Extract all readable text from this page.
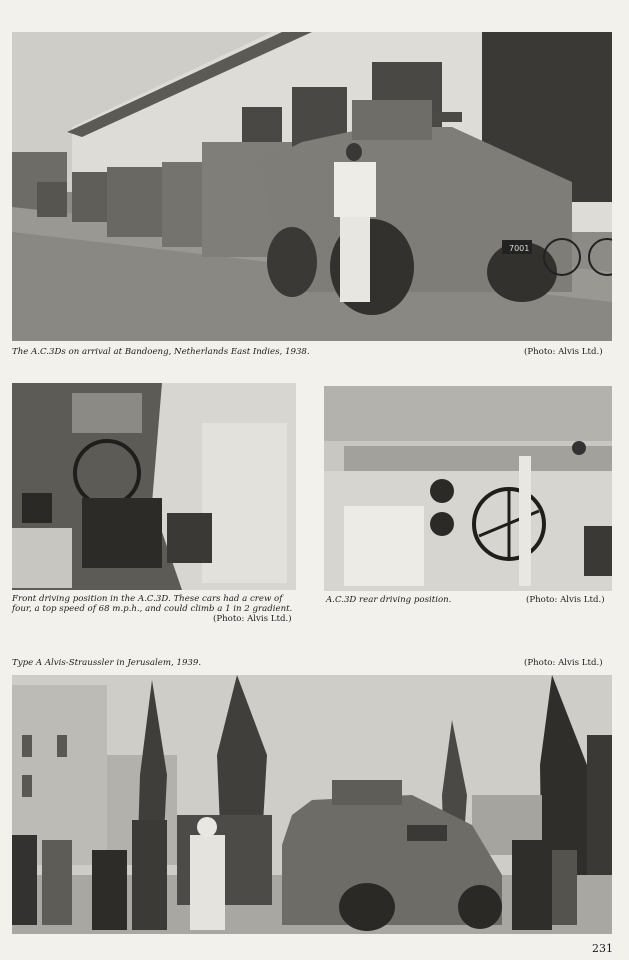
7001
The A.C.3Ds on arrival at Bandoeng, Netherlands East Indies, 1938.	(Photo: Alvis Ltd.)
Front driving position in the A.C.3D. These cars had a crew of
four, a top speed of 68 m.p.h., and could climb a 1 in 2 gradient.
(Photo: Alvis Ltd.)
A.C.3D rear driving position.	(Photo: Alvis Ltd.)
Type A Alvis-Straussler in Jerusalem, 1939.	(Photo: Alvis Ltd.)
231
